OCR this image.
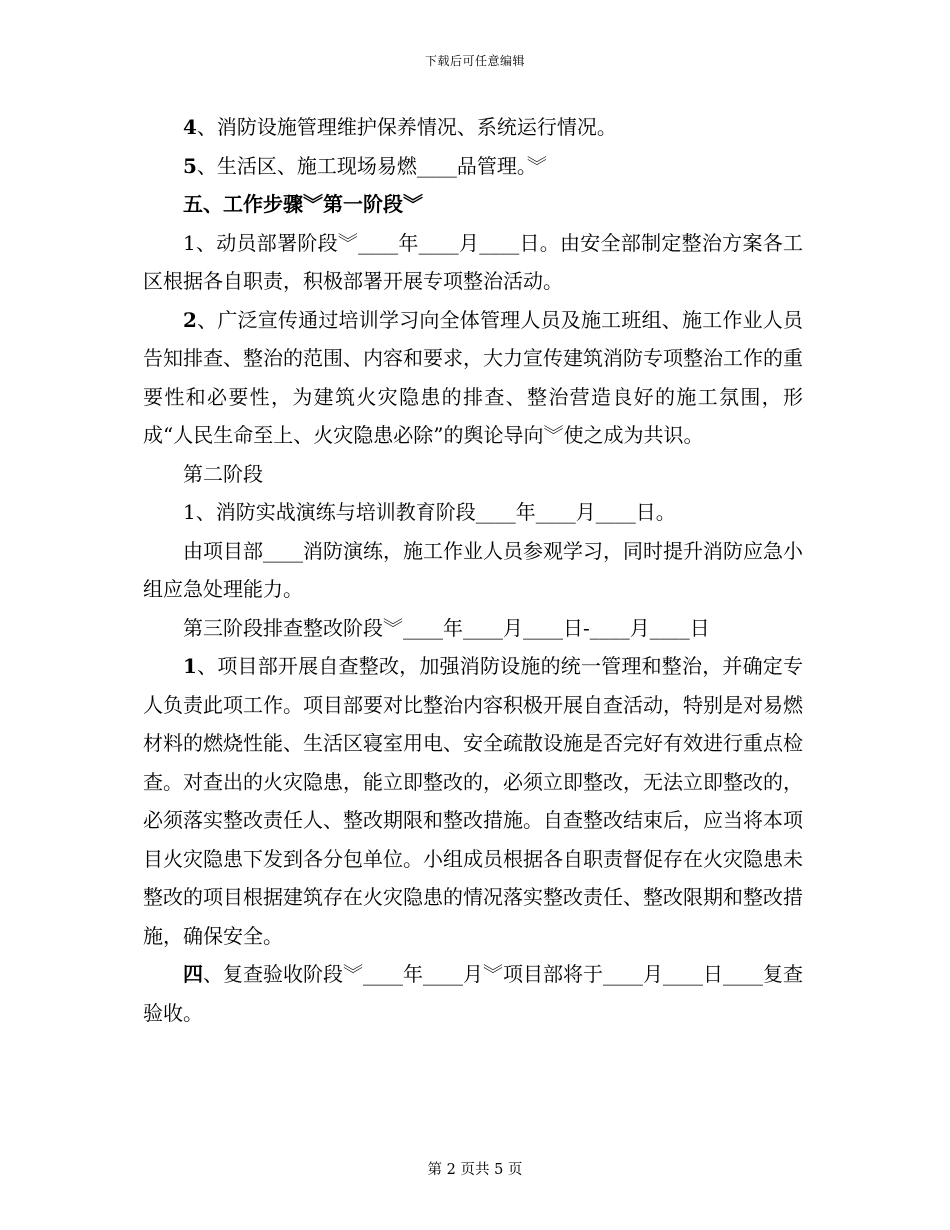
下载后可任意编辑

4、消防设施管理维护保养情况、系统运行情况。

5、生活区、施工现场易燃____品管理。︾

五、工作步骤︾第一阶段︾

1、动员部署阶段︾____年____月____日。由安全部制定整治方案各工区根据各自职责，积极部署开展专项整治活动。

2、广泛宣传通过培训学习向全体管理人员及施工班组、施工作业人员告知排查、整治的范围、内容和要求，大力宣传建筑消防专项整治工作的重要性和必要性，为建筑火灾隐患的排查、整治营造良好的施工氛围，形成“人民生命至上、火灾隐患必除”的舆论导向︾使之成为共识。

第二阶段

1、消防实战演练与培训教育阶段____年____月____日。

由项目部____消防演练，施工作业人员参观学习，同时提升消防应急小组应急处理能力。

第三阶段排查整改阶段︾____年____月____日-____月____日

1、项目部开展自查整改，加强消防设施的统一管理和整治，并确定专人负责此项工作。项目部要对比整治内容积极开展自查活动，特别是对易燃材料的燃烧性能、生活区寝室用电、安全疏散设施是否完好有效进行重点检查。对查出的火灾隐患，能立即整改的，必须立即整改，无法立即整改的，必须落实整改责任人、整改期限和整改措施。自查整改结束后，应当将本项目火灾隐患下发到各分包单位。小组成员根据各自职责督促存在火灾隐患未整改的项目根据建筑存在火灾隐患的情况落实整改责任、整改限期和整改措施，确保安全。

四、复查验收阶段︾____年____月︾项目部将于____月____日____复查验收。

第 2 页共 5 页
